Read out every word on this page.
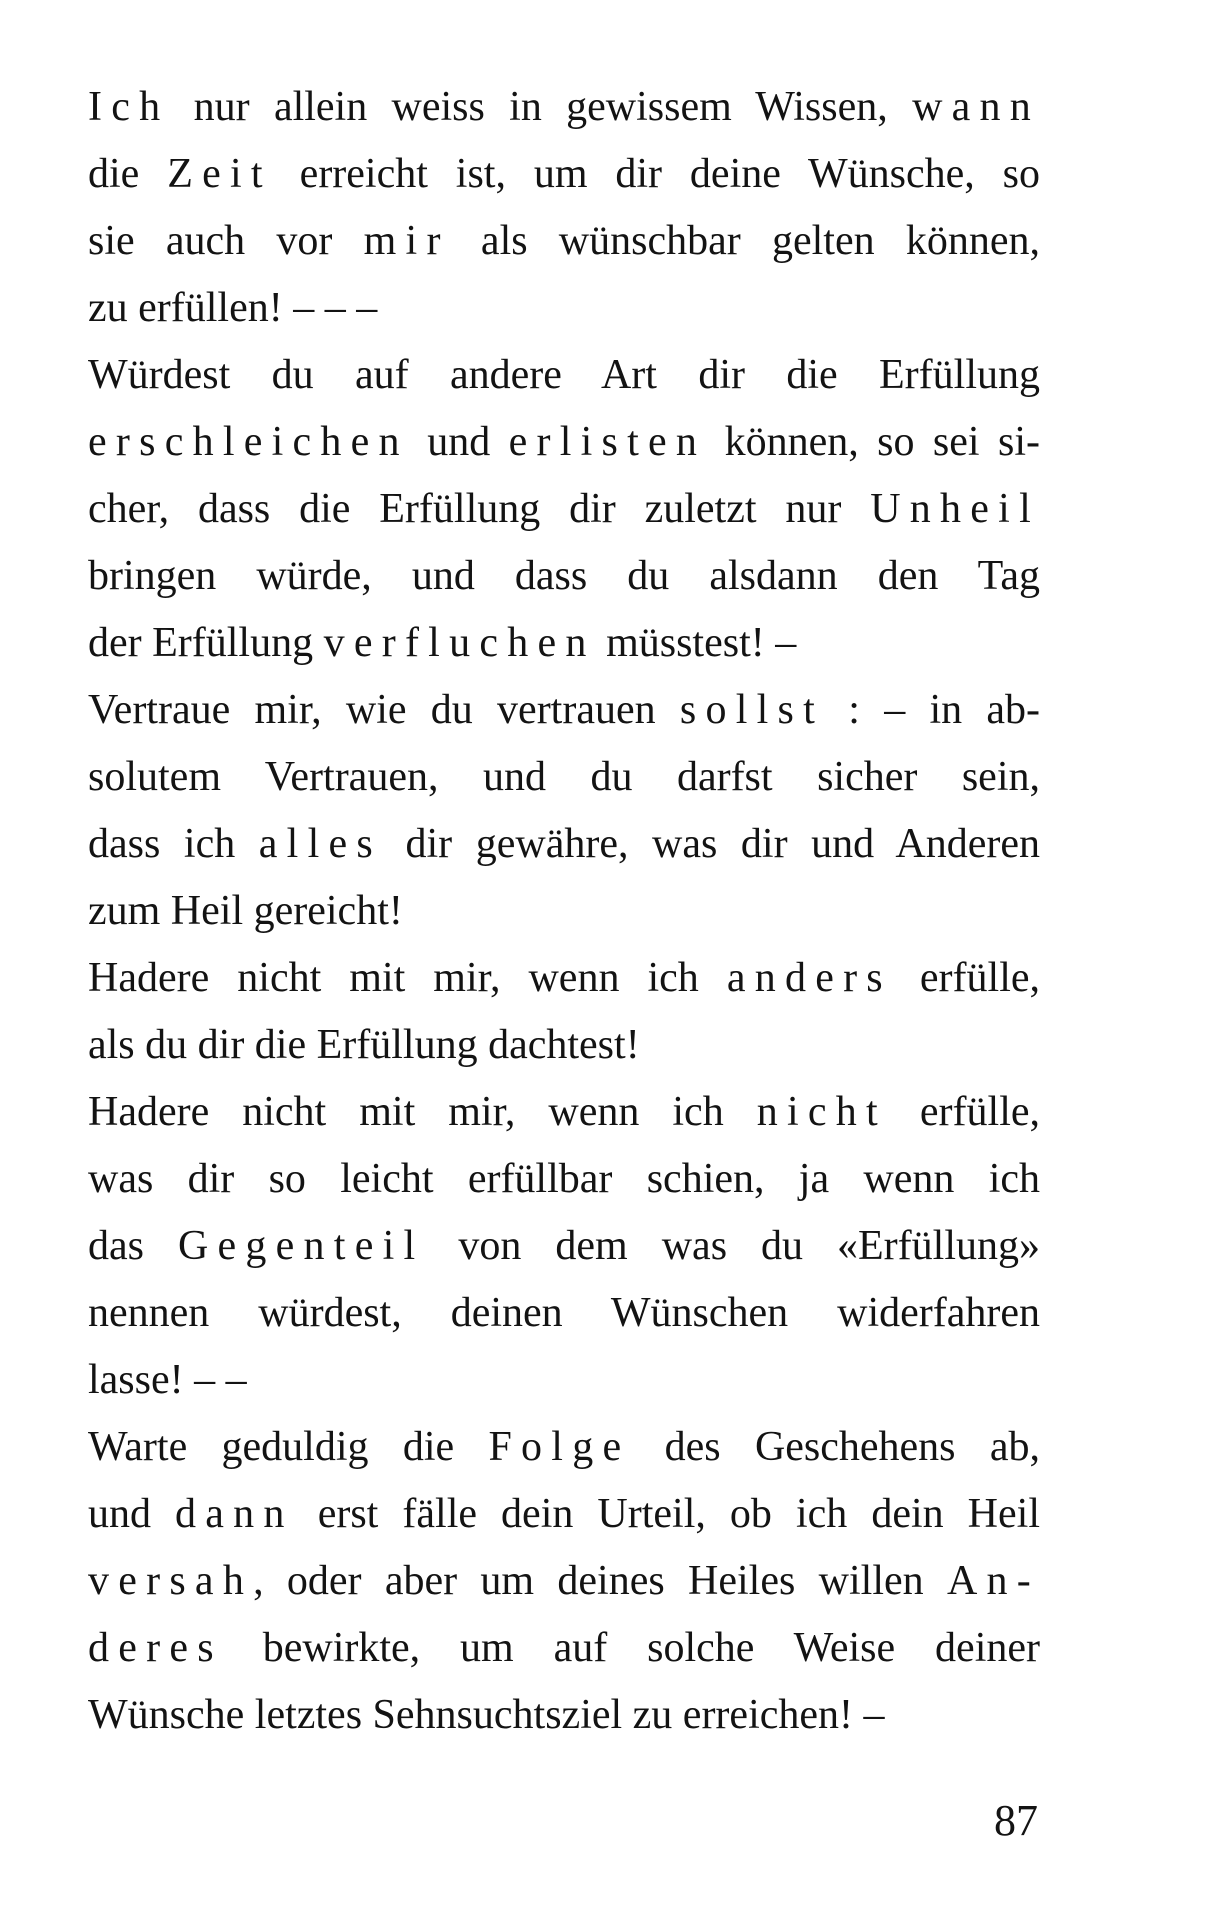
Ich nur allein weiss in gewissem Wissen, wann
die Zeit erreicht ist, um dir deine Wünsche, so
sie auch vor mir als wünschbar gelten können,
zu erfüllen! – – –
Würdest du auf andere Art dir die Erfüllung
erschleichen und erlisten können, so sei si-
cher, dass die Erfüllung dir zuletzt nur Unheil
bringen würde, und dass du alsdann den Tag
der Erfüllung verfluchen müsstest! –
Vertraue mir, wie du vertrauen sollst : – in ab-
solutem Vertrauen, und du darfst sicher sein,
dass ich alles dir gewähre, was dir und Anderen
zum Heil gereicht!
Hadere nicht mit mir, wenn ich anders erfülle,
als du dir die Erfüllung dachtest!
Hadere nicht mit mir, wenn ich nicht erfülle,
was dir so leicht erfüllbar schien, ja wenn ich
das Gegenteil von dem was du «Erfüllung»
nennen würdest, deinen Wünschen widerfahren
lasse! – –
Warte geduldig die Folge des Geschehens ab,
und dann erst fälle dein Urteil, ob ich dein Heil
versah, oder aber um deines Heiles willen An-
deres bewirkte, um auf solche Weise deiner
Wünsche letztes Sehnsuchtsziel zu erreichen! –
87
